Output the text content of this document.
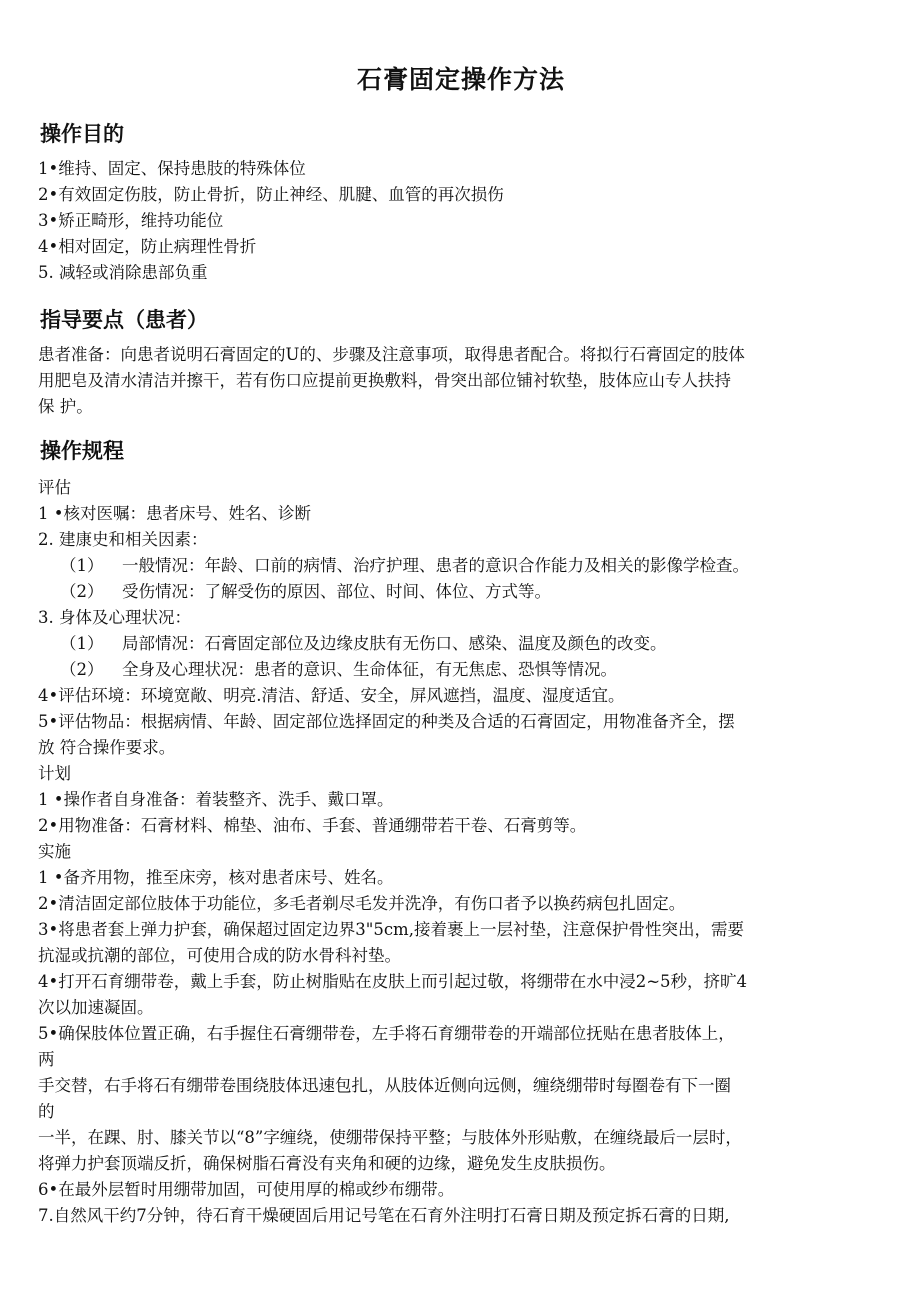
石膏固定操作方法
操作目的
1•维持、固定、保持患肢的特殊体位
2•有效固定伤肢，防止骨折，防止神经、肌腱、血管的再次损伤
3•矫正畸形，维持功能位
4•相对固定，防止病理性骨折
5. 减轻或消除患部负重
指导要点（患者）
患者准备：向患者说明石膏固定的U的、步骤及注意事项，取得患者配合。将拟行石膏固定的肢体
用肥皂及清水清洁并擦干，若有伤口应提前更换敷料，骨突出部位铺衬软垫，肢体应山专人扶持
保 护。
操作规程
评估
1 •核对医嘱：患者床号、姓名、诊断
2. 建康史和相关因素：
（1） 一般情况：年龄、口前的病情、治疗护理、患者的意识合作能力及相关的影像学检查。
（2） 受伤情况：了解受伤的原因、部位、时间、体位、方式等。
3. 身体及心理状况：
（1） 局部情况：石膏固定部位及边缘皮肤有无伤口、感染、温度及颜色的改变。
（2） 全身及心理状况：患者的意识、生命体征，有无焦虑、恐惧等情况。
4•评估环境：环境宽敞、明亮.清洁、舒适、安全，屏风遮挡，温度、湿度适宜。
5•评估物品：根据病情、年龄、固定部位选择固定的种类及合适的石膏固定，用物准备齐全，摆
放 符合操作要求。
计划
1 •操作者自身准备：着装整齐、洗手、戴口罩。
2•用物准备：石膏材料、棉垫、油布、手套、普通绷带若干卷、石膏剪等。
实施
1 •备齐用物，推至床旁，核对患者床号、姓名。
2•清洁固定部位肢体于功能位，多毛者剃尽毛发并洗净，有伤口者予以换药病包扎固定。
3•将患者套上弹力护套，确保超过固定边界3"5cm,接着裹上一层衬垫，注意保护骨性突出，需要
抗湿或抗潮的部位，可使用合成的防水骨科衬垫。
4•打开石育绷带卷，戴上手套，防止树脂贴在皮肤上而引起过敬，将绷带在水中浸2~5秒，挤旷4
次以加速凝固。
5•确保肢体位置正确，右手握住石膏绷带卷，左手将石育绷带卷的开端部位抚贴在患者肢体上，
两
手交替，右手将石有绷带卷围绕肢体迅速包扎，从肢体近侧向远侧，缠绕绷带时每圈卷有下一圈
的
一半，在踝、肘、膝关节以“8”字缠绕，使绷带保持平整；与肢体外形贴敷，在缠绕最后一层时，
将弹力护套顶端反折，确保树脂石膏没有夹角和硬的边缘，避免发生皮肤损伤。
6•在最外层暂时用绷带加固，可使用厚的棉或纱布绷带。
7.自然风干约7分钟，待石育干燥硬固后用记号笔在石育外注明打石膏日期及预定拆石膏的日期,
